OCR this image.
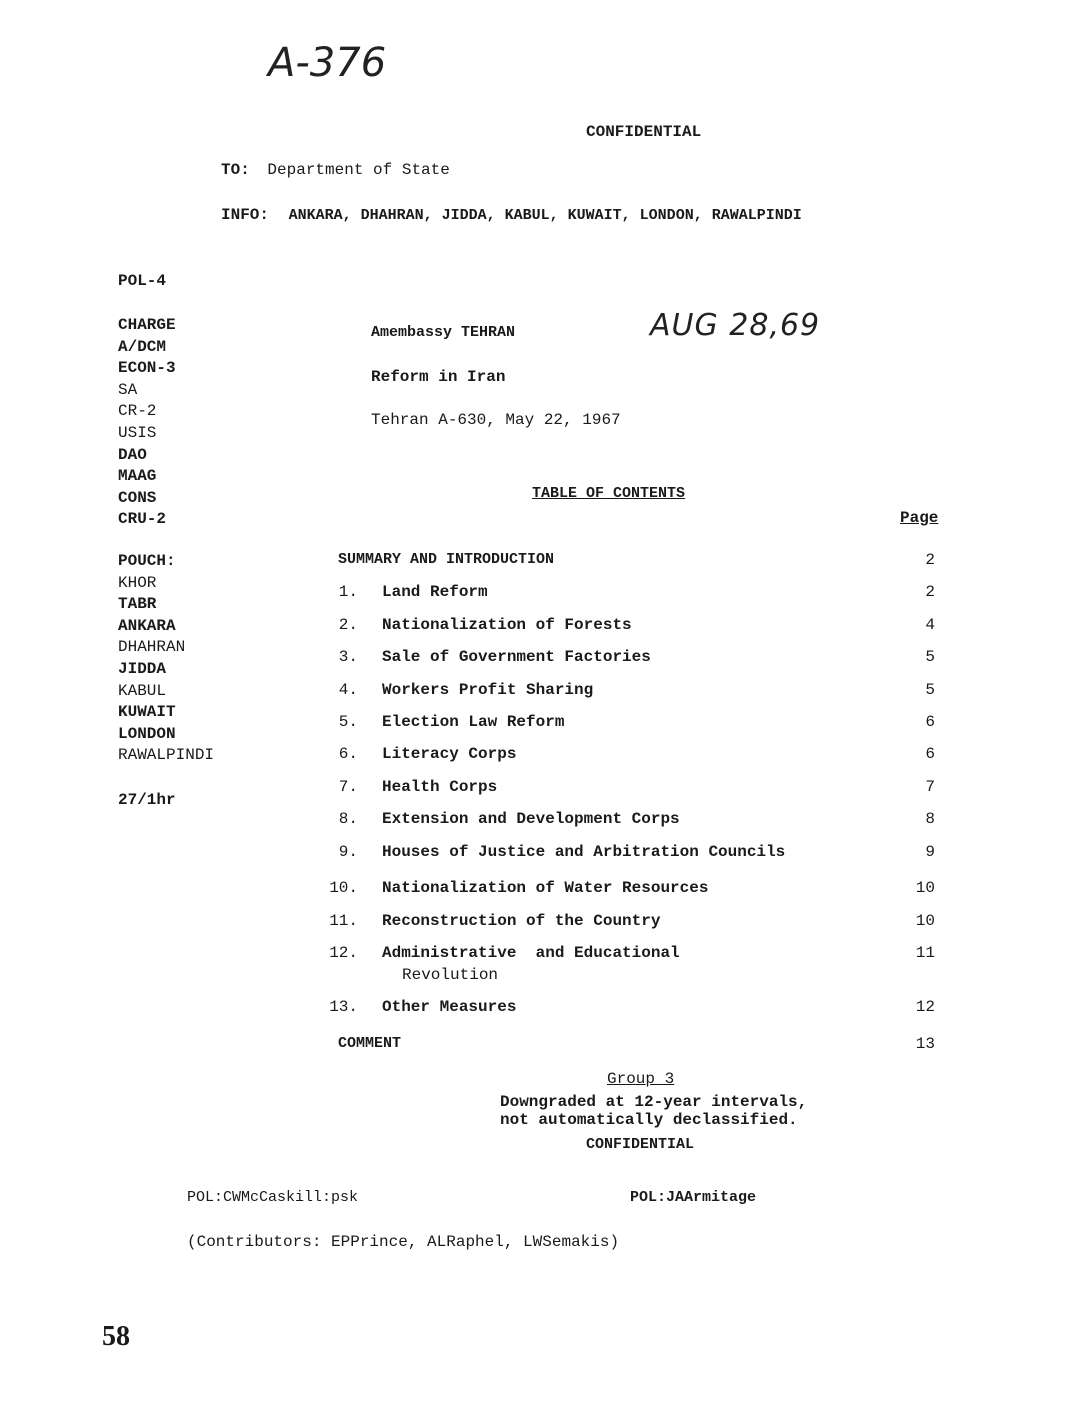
A-376
CONFIDENTIAL
TO: Department of State
INFO: ANKARA, DHAHRAN, JIDDA, KABUL, KUWAIT, LONDON, RAWALPINDI
POL-4
CHARGE
A/DCM
ECON-3
SA
CR-2
USIS
DAO
MAAG
CONS
CRU-2
POUCH:
KHOR
TABR
ANKARA
DHAHRAN
JIDDA
KABUL
KUWAIT
LONDON
RAWALPINDI
27/1hr
Amembassy TEHRAN	AUG 28,69
Reform in Iran
Tehran A-630, May 22, 1967
TABLE OF CONTENTS
Page
SUMMARY AND INTRODUCTION	2
1. Land Reform	2
2. Nationalization of Forests	4
3. Sale of Government Factories	5
4. Workers Profit Sharing	5
5. Election Law Reform	6
6. Literacy Corps	6
7. Health Corps	7
8. Extension and Development Corps	8
9. Houses of Justice and Arbitration Councils	9
10. Nationalization of Water Resources	10
11. Reconstruction of the Country	10
12. Administrative  and Educational	11
Revolution
13. Other Measures	12
COMMENT	13
Group 3
Downgraded at 12-year intervals,
not automatically declassified.
CONFIDENTIAL
POL:CWMcCaskill:psk	POL:JAArmitage
(Contributors: EPPrince, ALRaphel, LWSemakis)
58
